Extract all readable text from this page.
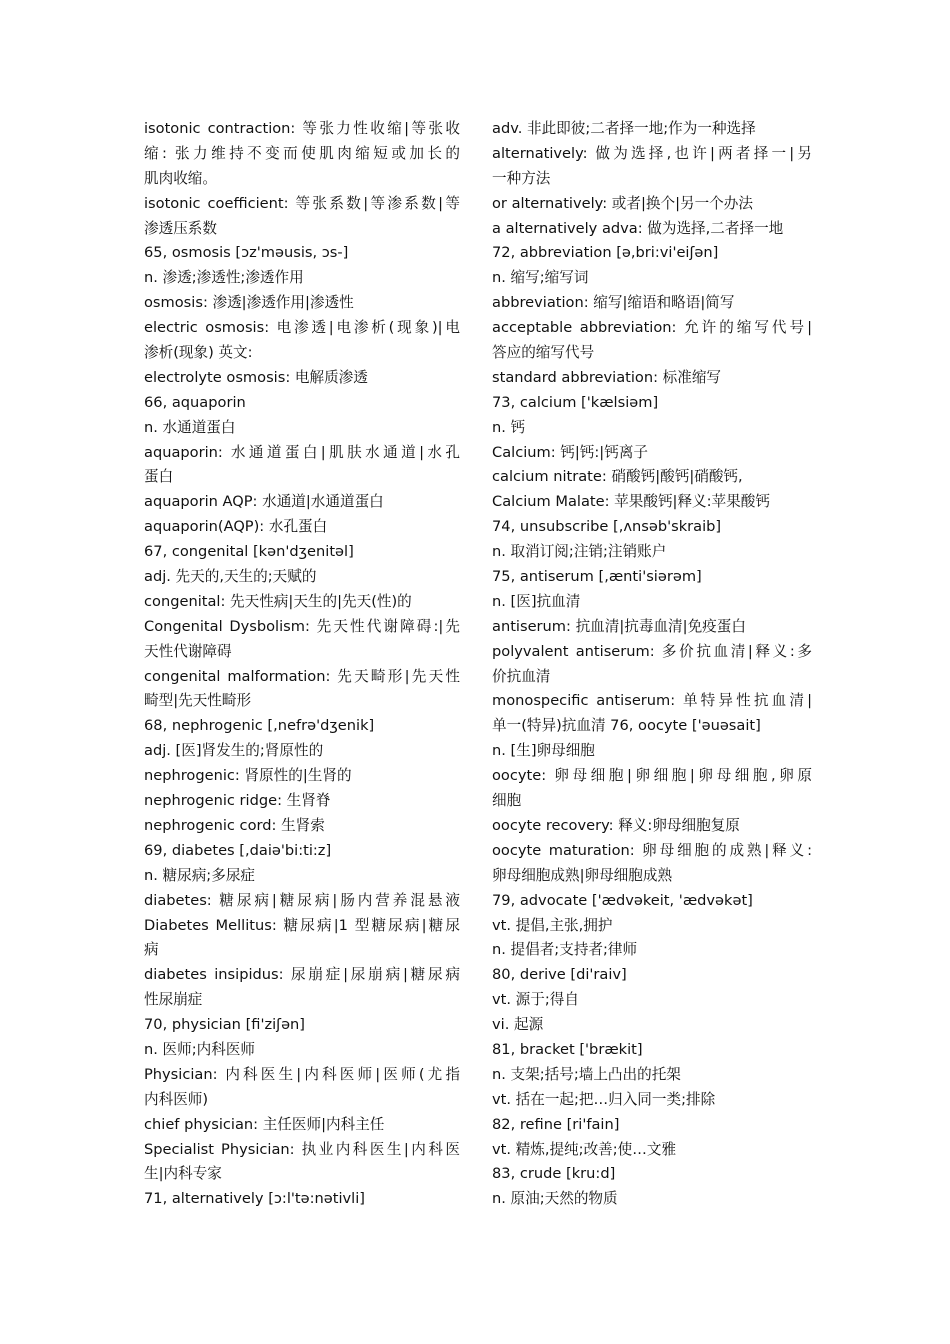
isotonic contraction: 等张力性收缩|等张收
缩: 张力维持不变而使肌肉缩短或加长的
肌肉收缩。
isotonic coefficient: 等张系数|等渗系数|等
渗透压系数
65, osmosis [ɔz'məusis, ɔs-]
n. 渗透;渗透性;渗透作用
osmosis: 渗透|渗透作用|渗透性
electric osmosis: 电渗透|电渗析(现象)|电
渗析(现象) 英文:
electrolyte osmosis: 电解质渗透
66, aquaporin
n. 水通道蛋白
aquaporin: 水通道蛋白|肌肤水通道|水孔
蛋白
aquaporin AQP: 水通道|水通道蛋白
aquaporin(AQP): 水孔蛋白
67, congenital [kən'dʒenitəl]
adj. 先天的,天生的;天赋的
congenital: 先天性病|天生的|先天(性)的
Congenital Dysbolism: 先天性代谢障碍:|先
天性代谢障碍
congenital malformation: 先天畸形|先天性
畸型|先天性畸形
68, nephrogenic [,nefrə'dʒenik]
adj. [医]肾发生的;肾原性的
nephrogenic: 肾原性的|生肾的
nephrogenic ridge: 生肾脊
nephrogenic cord: 生肾索
69, diabetes [,daiə'bi:ti:z]
n. 糖尿病;多尿症
diabetes: 糖尿病|糖尿病|肠内营养混悬液
Diabetes Mellitus: 糖尿病|1 型糖尿病|糖尿
病
diabetes insipidus: 尿崩症|尿崩病|糖尿病
性尿崩症
70, physician [fi'ziʃən]
n. 医师;内科医师
Physician: 内科医生|内科医师|医师(尤指
内科医师)
chief physician: 主任医师|内科主任
Specialist Physician: 执业内科医生|内科医
生|内科专家
71, alternatively [ɔ:l'tə:nətivli]
adv. 非此即彼;二者择一地;作为一种选择
alternatively: 做为选择,也许|两者择一|另
一种方法
or alternatively: 或者|换个|另一个办法
a alternatively adva: 做为选择,二者择一地
72, abbreviation [ə,bri:vi'eiʃən]
n. 缩写;缩写词
abbreviation: 缩写|缩语和略语|简写
acceptable abbreviation: 允许的缩写代号|
答应的缩写代号
standard abbreviation: 标准缩写
73, calcium ['kælsiəm]
n. 钙
Calcium: 钙|钙:|钙离子
calcium nitrate: 硝酸钙|酸钙|硝酸钙,
Calcium Malate: 苹果酸钙|释义:苹果酸钙
74, unsubscribe [,ʌnsəb'skraib]
n. 取消订阅;注销;注销账户
75, antiserum [,ænti'siərəm]
n. [医]抗血清
antiserum: 抗血清|抗毒血清|免疫蛋白
polyvalent antiserum: 多价抗血清|释义:多
价抗血清
monospecific antiserum: 单特异性抗血清|
单一(特异)抗血清 76, oocyte ['əuəsait]
n. [生]卵母细胞
oocyte: 卵母细胞|卵细胞|卵母细胞,卵原
细胞
oocyte recovery: 释义:卵母细胞复原
oocyte maturation: 卵母细胞的成熟|释义:
卵母细胞成熟|卵母细胞成熟
79, advocate ['ædvəkeit, 'ædvəkət]
vt. 提倡,主张,拥护
n. 提倡者;支持者;律师
80, derive [di'raiv]
vt. 源于;得自
vi. 起源
81, bracket ['brækit]
n. 支架;括号;墙上凸出的托架
vt. 括在一起;把…归入同一类;排除
82, refine [ri'fain]
vt. 精炼,提纯;改善;使…文雅
83, crude [kru:d]
n. 原油;天然的物质
